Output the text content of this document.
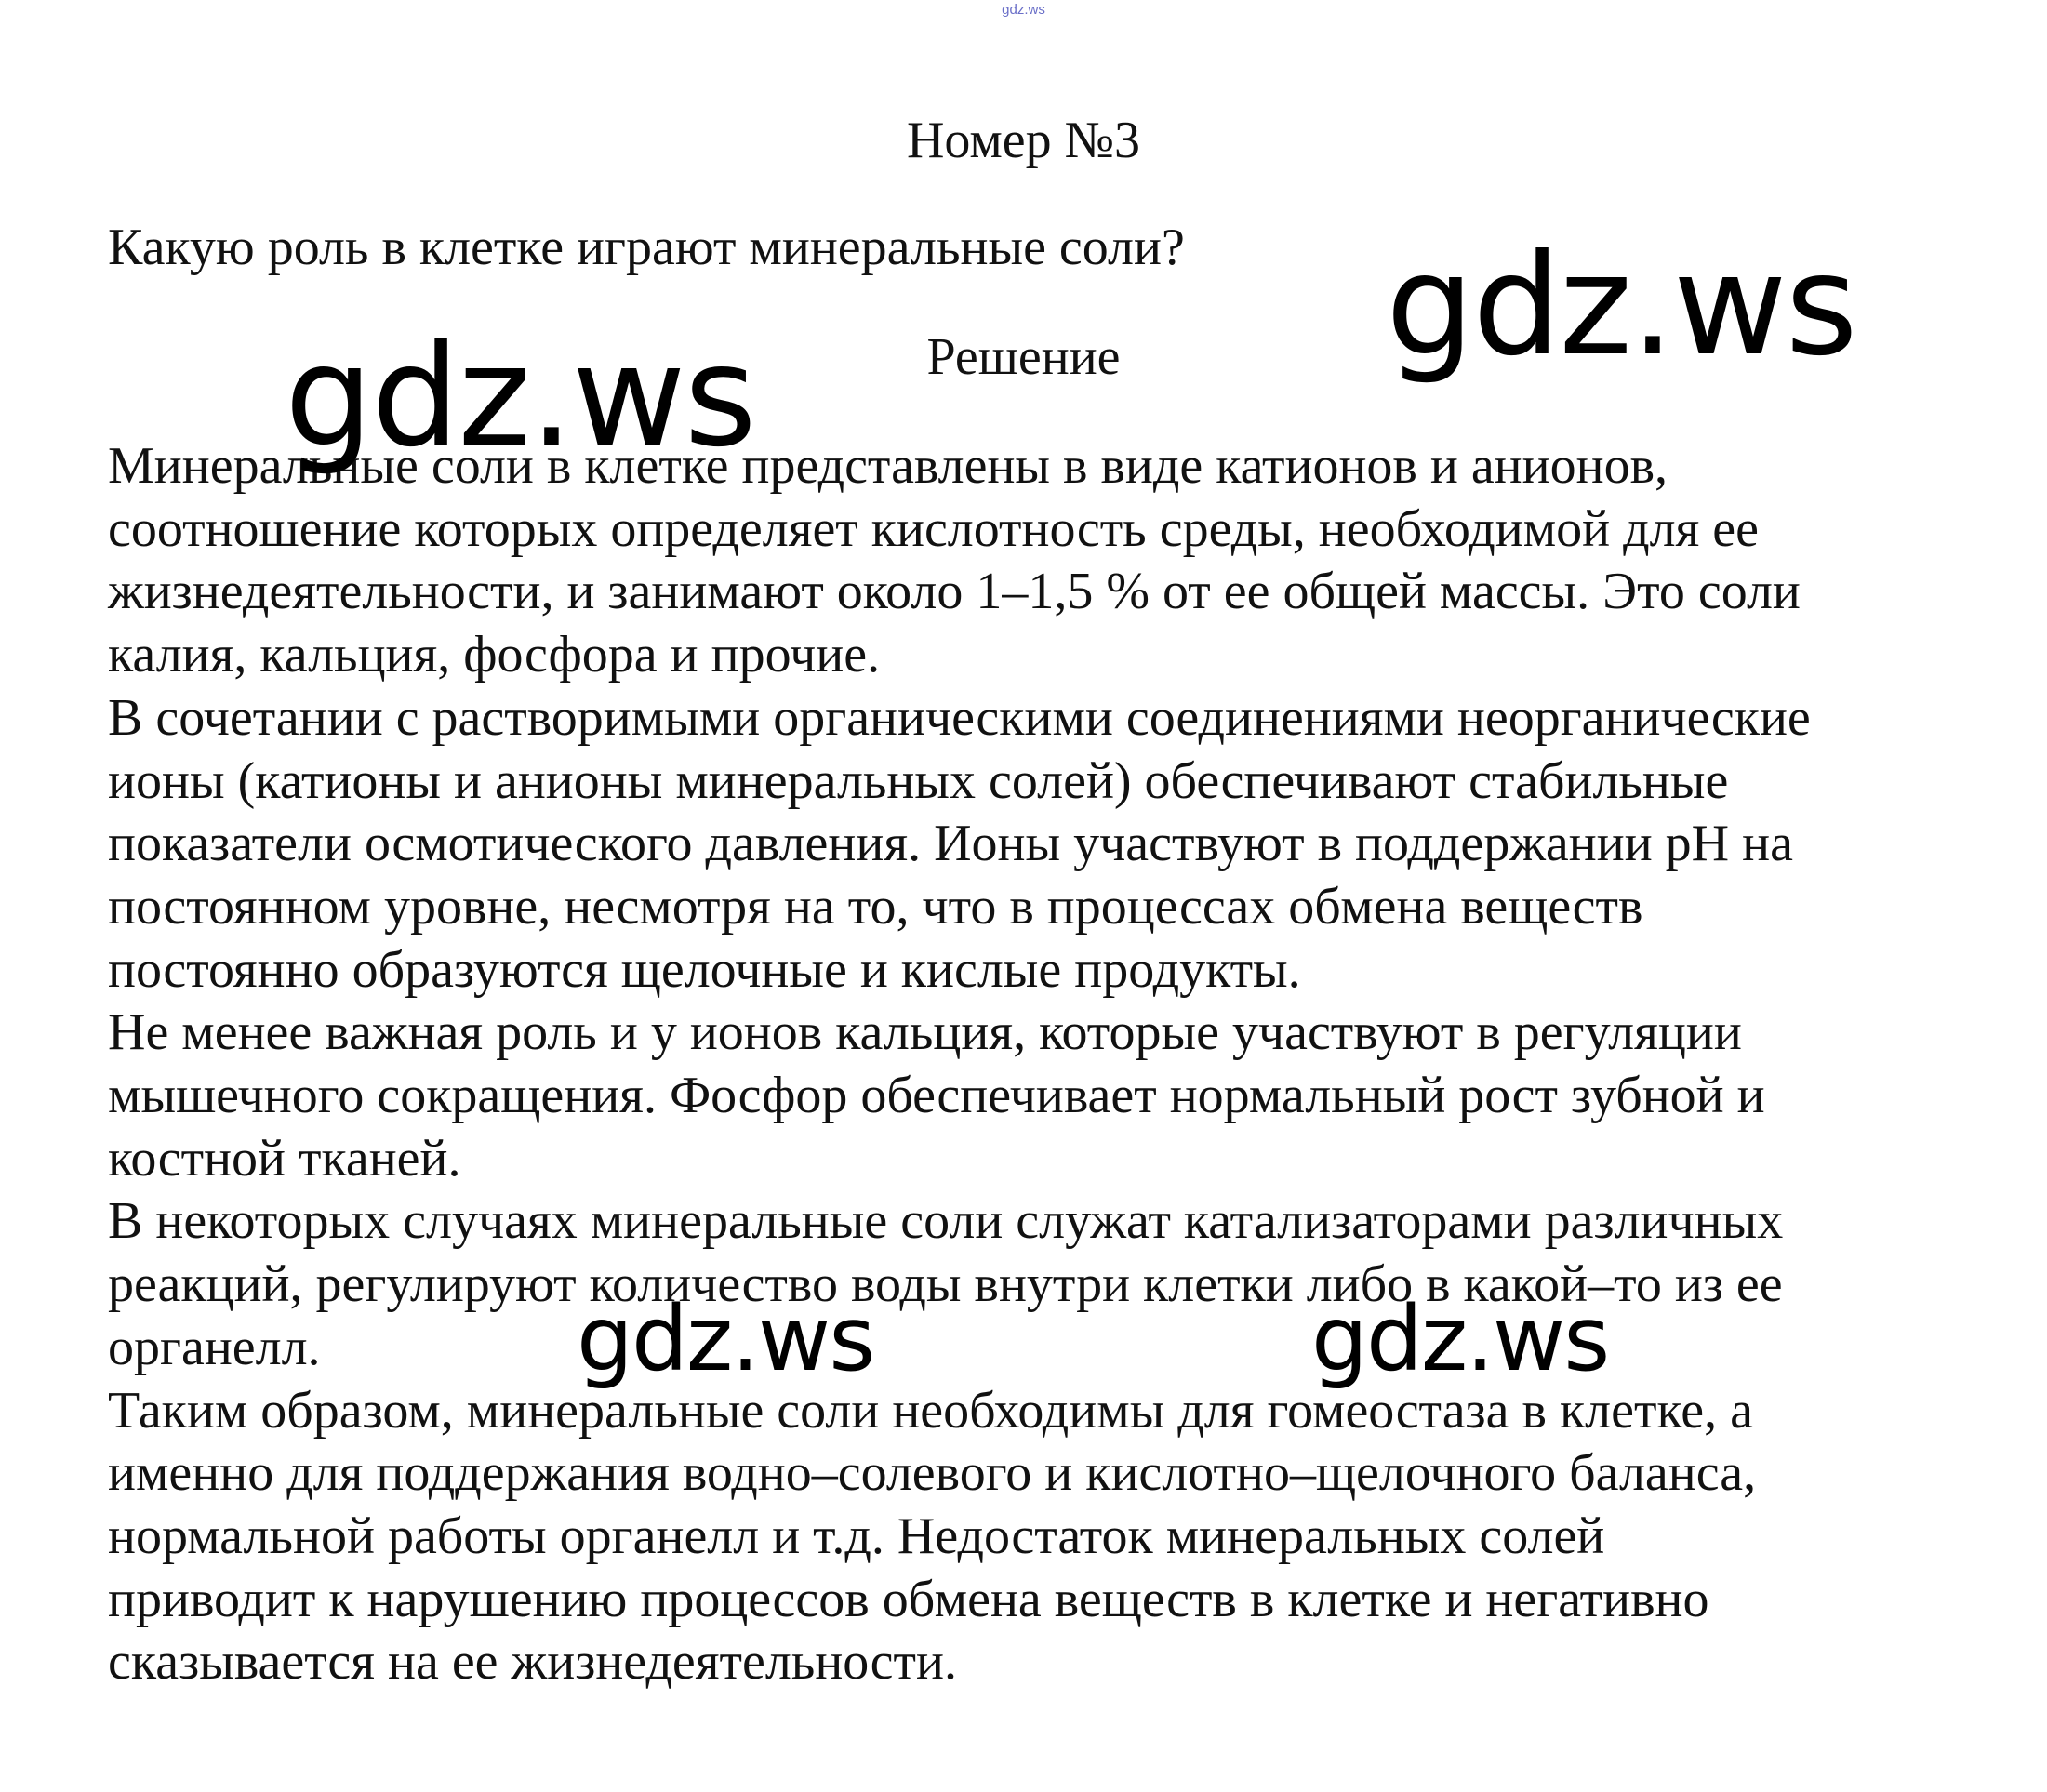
gdz.ws
Номер №3
Какую роль в клетке играют минеральные соли?
Решение
Минеральные соли в клетке представлены в виде катионов и анионов,
соотношение которых определяет кислотность среды, необходимой для ее
жизнедеятельности, и занимают около 1–1,5 % от ее общей массы. Это соли
калия, кальция, фосфора и прочие.
В сочетании с растворимыми органическими соединениями неорганические
ионы (катионы и анионы минеральных солей) обеспечивают стабильные
показатели осмотического давления. Ионы участвуют в поддержании рН на
постоянном уровне, несмотря на то, что в процессах обмена веществ
постоянно образуются щелочные и кислые продукты.
Не менее важная роль и у ионов кальция, которые участвуют в регуляции
мышечного сокращения. Фосфор обеспечивает нормальный рост зубной и
костной тканей.
В некоторых случаях минеральные соли служат катализаторами различных
реакций, регулируют количество воды внутри клетки либо в какой–то из ее
органелл.
Таким образом, минеральные соли необходимы для гомеостаза в клетке, а
именно для поддержания водно–солевого и кислотно–щелочного баланса,
нормальной работы органелл и т.д. Недостаток минеральных солей
приводит к нарушению процессов обмена веществ в клетке и негативно
сказывается на ее жизнедеятельности.
gdz.ws
gdz.ws
gdz.ws	gdz.ws
